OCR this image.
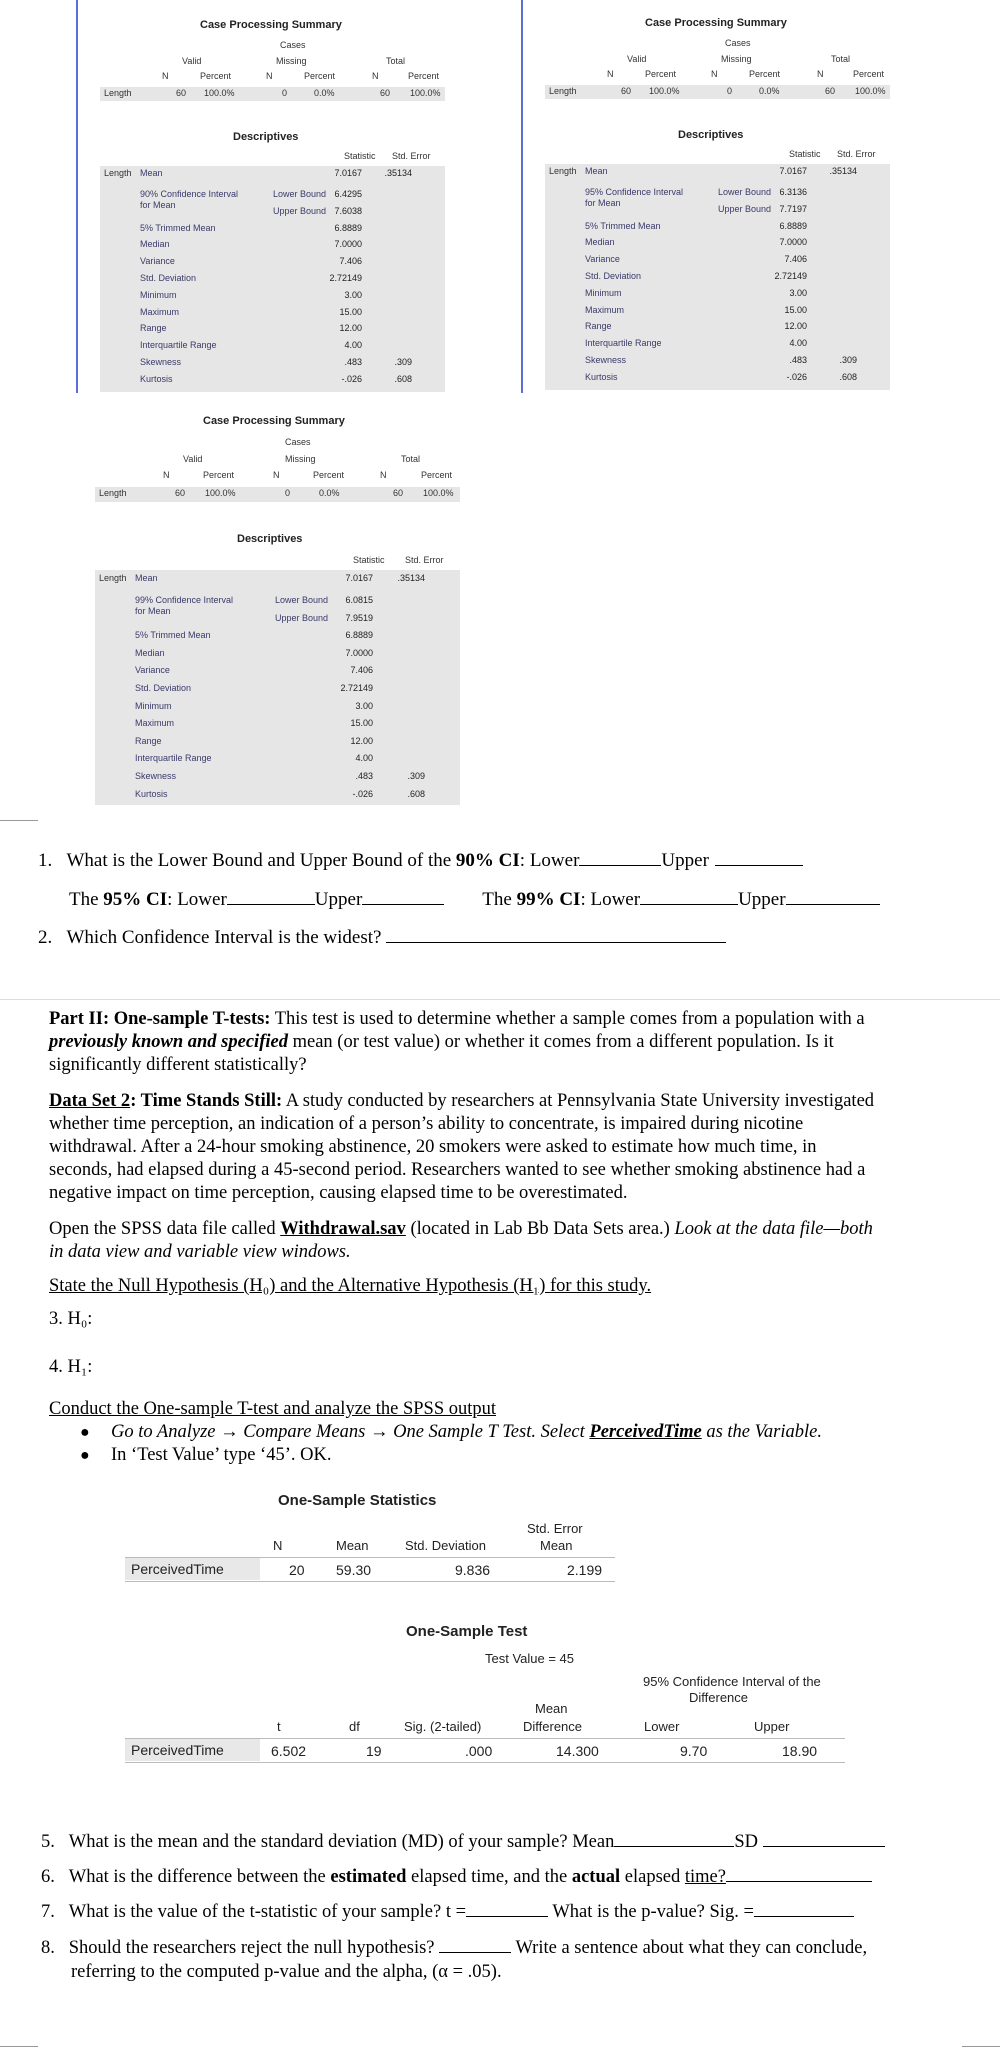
Case Processing Summary
Cases
Valid	Missing	Total
N	Percent	N	Percent	N	Percent
Length	60 100.0%	0	0.0%	60 100.0%
Descriptives
Statistic Std. Error
Length Mean	7.0167	.35134
90% Confidence Interval
for Mean
Lower Bound 6.4295
Upper Bound 7.6038
5% Trimmed Mean	6.8889
Median	7.0000
Variance	7.406
Std. Deviation	2.72149
Minimum	3.00
Maximum	15.00
Range	12.00
Interquartile Range	4.00
Skewness	.483	.309
Kurtosis	-.026	.608
Case Processing Summary
Cases
Valid	Missing	Total
N	Percent	N	Percent	N	Percent
Length	60 100.0%	0	0.0%	60 100.0%
Descriptives
Statistic Std. Error
Length Mean	7.0167	.35134
95% Confidence Interval
for Mean
Lower Bound 6.3136
Upper Bound 7.7197
5% Trimmed Mean	6.8889
Median	7.0000
Variance	7.406
Std. Deviation	2.72149
Minimum	3.00
Maximum	15.00
Range	12.00
Interquartile Range	4.00
Skewness	.483	.309
Kurtosis	-.026	.608
Case Processing Summary
Cases
Valid	Missing	Total
N	Percent	N	Percent	N	Percent
Length	60 100.0%	0	0.0%	60 100.0%
Descriptives
Statistic Std. Error
Length Mean	7.0167	.35134
99% Confidence Interval
for Mean
Lower Bound	6.0815
Upper Bound	7.9519
5% Trimmed Mean	6.8889
Median	7.0000
Variance	7.406
Std. Deviation	2.72149
Minimum	3.00
Maximum	15.00
Range	12.00
Interquartile Range	4.00
Skewness	.483	.309
Kurtosis	-.026	.608
1. What is the Lower Bound and Upper Bound of the 90% CI: Lower	Upper
The 95% CI: Lower	Upper	The 99% CI: Lower	Upper
2. Which Confidence Interval is the widest?
Part II: One-sample T-tests: This test is used to determine whether a sample comes from a population with a
previously known and specified mean (or test value) or whether it comes from a different population. Is it
significantly different statistically?
Data Set 2: Time Stands Still: A study conducted by researchers at Pennsylvania State University investigated
whether time perception, an indication of a person’s ability to concentrate, is impaired during nicotine
withdrawal. After a 24-hour smoking abstinence, 20 smokers were asked to estimate how much time, in
seconds, had elapsed during a 45-second period. Researchers wanted to see whether smoking abstinence had a
negative impact on time perception, causing elapsed time to be overestimated.
Open the SPSS data file called Withdrawal.sav (located in Lab Bb Data Sets area.) Look at the data file—both
in data view and variable view windows.
State the Null Hypothesis (H₀) and the Alternative Hypothesis (H₁) for this study.
3. H₀:
4. H₁:
Conduct the One-sample T-test and analyze the SPSS output
● Go to Analyze → Compare Means → One Sample T Test. Select PerceivedTime as the Variable.
● In ‘Test Value’ type ‘45’. OK.
One-Sample Statistics
Std. Error
N	Mean	Std. Deviation	Mean
PerceivedTime	20 59.30	9.836	2.199
One-Sample Test
Test Value = 45
95% Confidence Interval of the
Difference
Mean
t	df	Sig. (2-tailed)	Difference	Lower	Upper
PerceivedTime	6.502	19	.000	14.300	9.70	18.90
5. What is the mean and the standard deviation (MD) of your sample? Mean	SD
6. What is the difference between the estimated elapsed time, and the actual elapsed time?
7. What is the value of the t-statistic of your sample? t =	What is the p-value? Sig. =
8. Should the researchers reject the null hypothesis?	Write a sentence about what they can conclude,
referring to the computed p-value and the alpha, (α = .05).
